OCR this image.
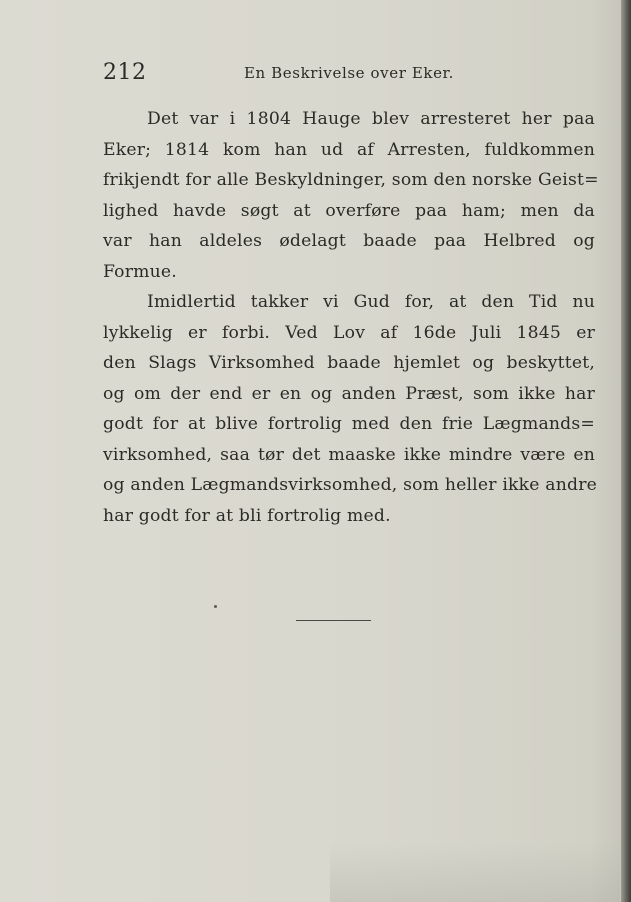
212	En Beskrivelse over Eker.
Det var i 1804 Hauge blev arresteret her paa
Eker; 1814 kom han ud af Arresten, fuldkommen
frikjendt for alle Beskyldninger, som den norske Geist=
lighed havde søgt at overføre paa ham; men da
var han aldeles ødelagt baade paa Helbred og
Formue.
Imidlertid takker vi Gud for, at den Tid nu
lykkelig er forbi. Ved Lov af 16de Juli 1845 er
den Slags Virksomhed baade hjemlet og beskyttet,
og om der end er en og anden Præst, som ikke har
godt for at blive fortrolig med den frie Lægmands=
virksomhed, saa tør det maaske ikke mindre være en
og anden Lægmandsvirksomhed, som heller ikke andre
har godt for at bli fortrolig med.
